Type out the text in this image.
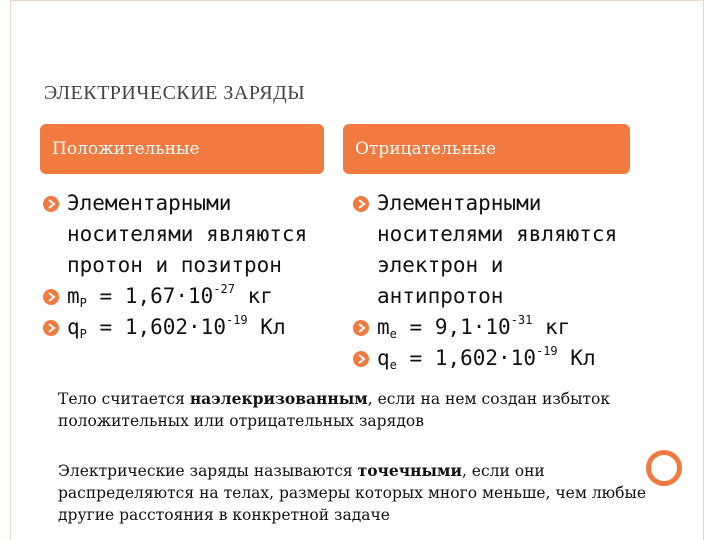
ЭЛЕКТРИЧЕСКИЕ ЗАРЯДЫ
Положительные	Отрицательные
Элементарными носителями являются протон и позитрон
$m_P = 1,67\cdot 10^{-27}$ кг
$q_P = 1,602\cdot 10^{-19}$ Кл
Элементарными носителями являются электрон и антипротон
$m_e = 9,1\cdot 10^{-31}$ кг
$q_e = 1,602\cdot 10^{-19}$ Кл
Тело считается наэлекризованным, если на нем создан избыток положительных или отрицательных зарядов
Электрические заряды называются точечными, если они распределяются на телах, размеры которых много меньше, чем любые другие расстояния в конкретной задаче
